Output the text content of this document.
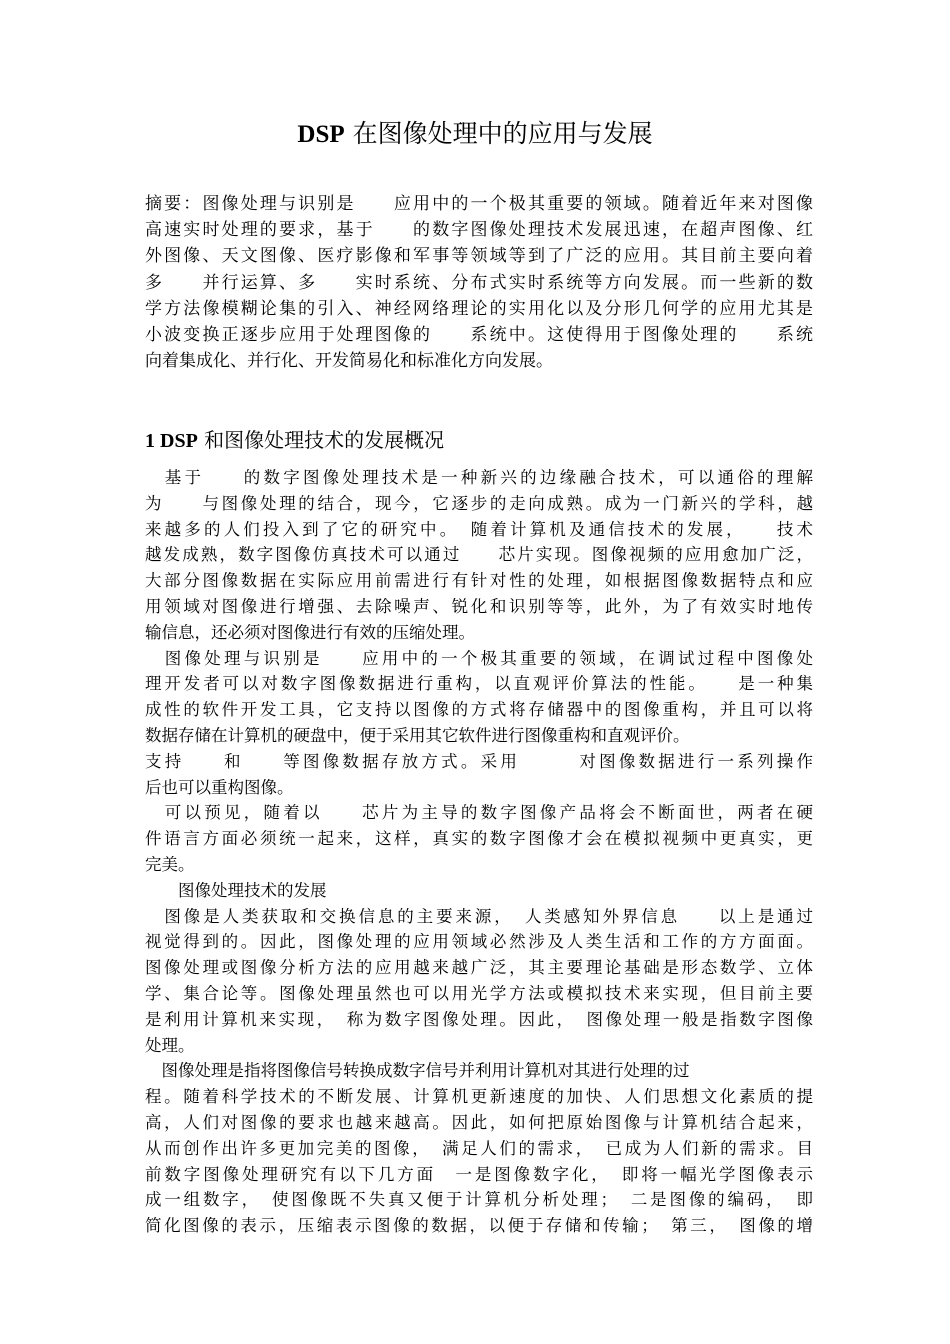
DSP 在图像处理中的应用与发展
摘要：图像处理与识别是　　应用中的一个极其重要的领域。随着近年来对图像
高速实时处理的要求，基于　　的数字图像处理技术发展迅速，在超声图像、红
外图像、天文图像、医疗影像和军事等领域等到了广泛的应用。其目前主要向着
多　　并行运算、多　　实时系统、分布式实时系统等方向发展。而一些新的数
学方法像模糊论集的引入、神经网络理论的实用化以及分形几何学的应用尤其是
小波变换正逐步应用于处理图像的　　系统中。这使得用于图像处理的　　系统
向着集成化、并行化、开发简易化和标准化方向发展。
1 DSP 和图像处理技术的发展概况
　基于　　的数字图像处理技术是一种新兴的边缘融合技术，可以通俗的理解
为　　与图像处理的结合，现今，它逐步的走向成熟。成为一门新兴的学科，越
来越多的人们投入到了它的研究中。　随着计算机及通信技术的发展，　　技术
越发成熟，数字图像仿真技术可以通过　　芯片实现。图像视频的应用愈加广泛，
大部分图像数据在实际应用前需进行有针对性的处理，如根据图像数据特点和应
用领域对图像进行增强、去除噪声、锐化和识别等等，此外，为了有效实时地传
输信息，还必须对图像进行有效的压缩处理。
　图像处理与识别是　　应用中的一个极其重要的领域，在调试过程中图像处
理开发者可以对数字图像数据进行重构，以直观评价算法的性能。　　是一种集
成性的软件开发工具，它支持以图像的方式将存储器中的图像重构，并且可以将
数据存储在计算机的硬盘中，便于采用其它软件进行图像重构和直观评价。
支持　　和　　等图像数据存放方式。采用　　　对图像数据进行一系列操作
后也可以重构图像。
　可以预见，随着以　　芯片为主导的数字图像产品将会不断面世，两者在硬
件语言方面必须统一起来，这样，真实的数字图像才会在模拟视频中更真实，更
完美。
　　图像处理技术的发展
　图像是人类获取和交换信息的主要来源，　人类感知外界信息　　以上是通过
视觉得到的。因此，图像处理的应用领域必然涉及人类生活和工作的方方面面。
图像处理或图像分析方法的应用越来越广泛，其主要理论基础是形态数学、立体
学、集合论等。图像处理虽然也可以用光学方法或模拟技术来实现，但目前主要
是利用计算机来实现，　称为数字图像处理。因此，　图像处理一般是指数字图像
处理。
　图像处理是指将图像信号转换成数字信号并利用计算机对其进行处理的过
程。随着科学技术的不断发展、计算机更新速度的加快、人们思想文化素质的提
高，人们对图像的要求也越来越高。因此，如何把原始图像与计算机结合起来，
从而创作出许多更加完美的图像，　满足人们的需求，　已成为人们新的需求。目
前数字图像处理研究有以下几方面　一是图像数字化，　即将一幅光学图像表示
成一组数字，　使图像既不失真又便于计算机分析处理；　二是图像的编码，　即
简化图像的表示，压缩表示图像的数据，以便于存储和传输；　第三，　图像的增
